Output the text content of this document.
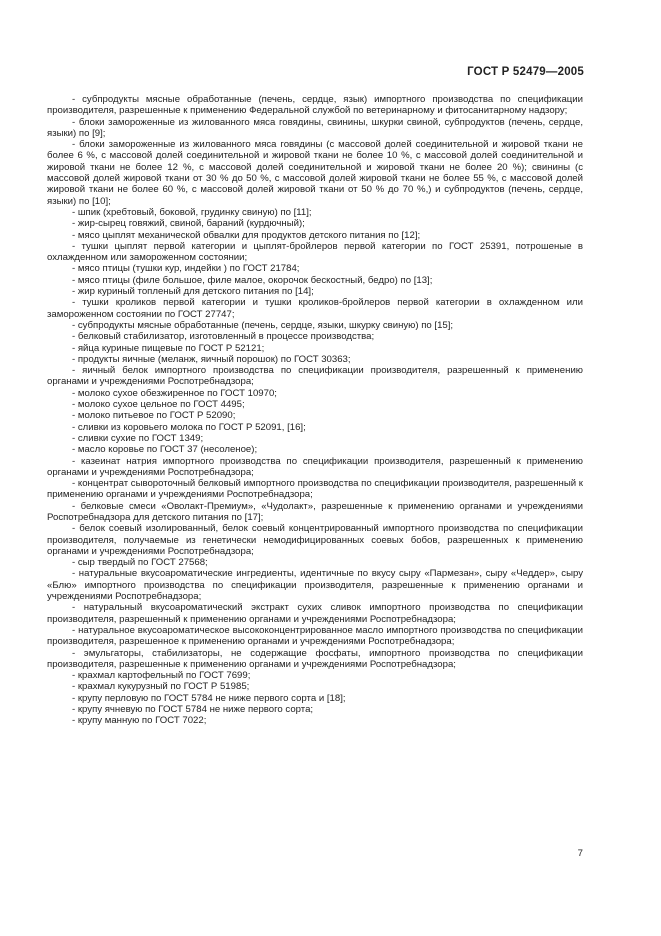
ГОСТ Р 52479—2005

- субпродукты мясные обработанные (печень, сердце, язык) импортного производства по спецификации производителя, разрешенные к применению Федеральной службой по ветеринарному и фитосанитарному надзору;

- блоки замороженные из жилованного мяса говядины, свинины, шкурки свиной, субпродуктов (печень, сердце, языки) по [9];

- блоки замороженные из жилованного мяса говядины (с массовой долей соединительной и жировой ткани не более 6 %, с массовой долей соединительной и жировой ткани не более 10 %, с массовой долей соединительной и жировой ткани не более 12 %, с массовой долей соединительной и жировой ткани не более 20 %); свинины (с массовой долей жировой ткани от 30 % до 50 %, с массовой долей жировой ткани не более 55 %, с массовой долей жировой ткани не более 60 %, с массовой долей жировой ткани от 50 % до 70 %,) и субпродуктов (печень, сердце, языки) по [10];

- шпик (хребтовый, боковой, грудинку свиную) по [11];

- жир-сырец говяжий, свиной, бараний (курдючный);

- мясо цыплят механической обвалки для продуктов детского питания по [12];

- тушки цыплят первой категории и цыплят-бройлеров первой категории по ГОСТ 25391, потрошеные в охлажденном или замороженном состоянии;

- мясо птицы (тушки кур, индейки ) по ГОСТ 21784;

- мясо птицы (филе большое, филе малое, окорочок бескостный, бедро) по [13];

- жир куриный топленый для детского питания по [14];

- тушки кроликов первой категории и тушки кроликов-бройлеров первой категории в охлажденном или замороженном состоянии по ГОСТ 27747;

- субпродукты мясные обработанные (печень, сердце, языки, шкурку свиную) по [15];

- белковый стабилизатор, изготовленный в процессе производства;

- яйца куриные пищевые по ГОСТ Р 52121;

- продукты яичные (меланж, яичный порошок) по ГОСТ 30363;

- яичный белок импортного производства по спецификации производителя, разрешенный к применению органами и учреждениями Роспотребнадзора;

- молоко сухое обезжиренное по ГОСТ 10970;

- молоко сухое цельное по ГОСТ 4495;

- молоко питьевое по ГОСТ Р 52090;

- сливки из коровьего молока по ГОСТ Р 52091, [16];

- сливки сухие по ГОСТ 1349;

- масло коровье по ГОСТ 37 (несоленое);

- казеинат натрия импортного производства по спецификации производителя, разрешенный к применению органами и учреждениями Роспотребнадзора;

- концентрат сывороточный белковый импортного производства по спецификации производителя, разрешенный к применению органами и учреждениями Роспотребнадзора;

- белковые смеси «Оволакт-Премиум», «Чудолакт», разрешенные к применению органами и учреждениями Роспотребнадзора для детского питания по [17];

- белок соевый изолированный, белок соевый концентрированный импортного производства по спецификации производителя, получаемые из генетически немодифицированных соевых бобов, разрешенных к применению органами и учреждениями Роспотребнадзора;

- сыр твердый по ГОСТ 27568;

- натуральные вкусоароматические ингредиенты, идентичные по вкусу сыру «Пармезан», сыру «Чеддер», сыру «Блю» импортного производства по спецификации производителя, разрешенные к применению органами и учреждениями Роспотребнадзора;

- натуральный вкусоароматический экстракт сухих сливок импортного производства по спецификации производителя, разрешенный к применению органами и учреждениями Роспотребнадзора;

- натуральное вкусоароматическое высококонцентрированное масло импортного производства по спецификации производителя, разрешенное к применению органами и учреждениями Роспотребнадзора;

- эмульгаторы, стабилизаторы, не содержащие фосфаты, импортного производства по спецификации производителя, разрешенные к применению органами и учреждениями Роспотребнадзора;

- крахмал картофельный по ГОСТ 7699;

- крахмал кукурузный по ГОСТ Р 51985;

- крупу перловую по ГОСТ 5784 не ниже первого сорта и [18];

- крупу ячневую по ГОСТ 5784 не ниже первого сорта;

- крупу манную по ГОСТ 7022;

7
